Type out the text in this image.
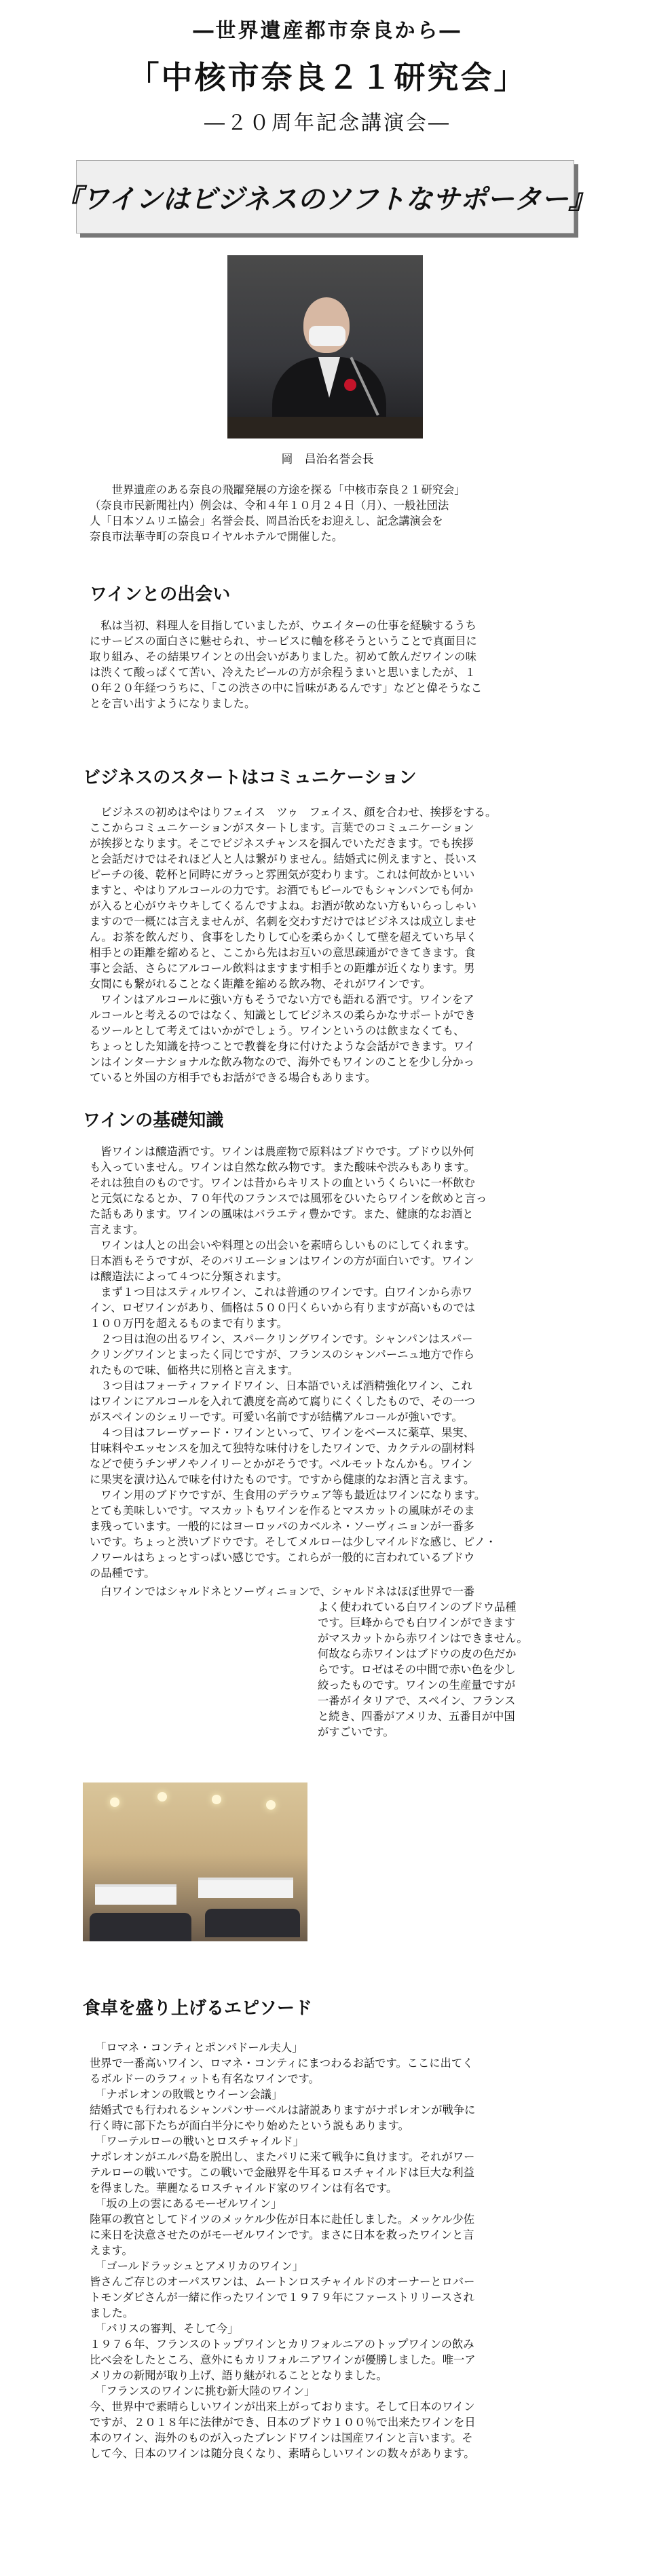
―世界遺産都市奈良から―

「中核市奈良２１研究会」

―２０周年記念講演会―

『ワインはビジネスのソフトなサポーター』
岡　昌治名誉会長
　　世界遺産のある奈良の飛躍発展の方途を探る「中核市奈良２１研究会」
（奈良市民新聞社内）例会は、令和４年１０月２４日（月）、一般社団法
人「日本ソムリエ協会」名誉会長、岡昌治氏をお迎えし、記念講演会を
奈良市法華寺町の奈良ロイヤルホテルで開催した。
ワインとの出会い
　私は当初、料理人を目指していましたが、ウエイターの仕事を経験するうち
にサービスの面白さに魅せられ、サービスに軸を移そうということで真面目に
取り組み、その結果ワインとの出会いがありました。初めて飲んだワインの味
は渋くて酸っぱくて苦い、冷えたビールの方が余程うまいと思いましたが、１
０年２０年経つうちに、「この渋さの中に旨味があるんです」などと偉そうなこ
とを言い出すようになりました。
ビジネスのスタートはコミュニケーション
　ビジネスの初めはやはりフェイス　ツゥ　フェイス、顔を合わせ、挨拶をする。
ここからコミュニケーションがスタートします。言葉でのコミュニケーション
が挨拶となります。そこでビジネスチャンスを掴んでいただきます。でも挨拶
と会話だけではそれほど人と人は繋がりません。結婚式に例えますと、長いス
ピーチの後、乾杯と同時にガラっと雰囲気が変わります。これは何故かといい
ますと、やはりアルコールの力です。お酒でもビールでもシャンパンでも何か
が入ると心がウキウキしてくるんですよね。お酒が飲めない方もいらっしゃい
ますので一概には言えませんが、名刺を交わすだけではビジネスは成立しませ
ん。お茶を飲んだり、食事をしたりして心を柔らかくして壁を超えていち早く
相手との距離を縮めると、ここから先はお互いの意思疎通ができてきます。食
事と会話、さらにアルコール飲料はますます相手との距離が近くなります。男
女間にも繋がれることなく距離を縮める飲み物、それがワインです。
　ワインはアルコールに強い方もそうでない方でも語れる酒です。ワインをア
ルコールと考えるのではなく、知識としてビジネスの柔らかなサポートができ
るツールとして考えてはいかがでしょう。ワインというのは飲まなくても、
ちょっとした知識を持つことで教養を身に付けたような会話ができます。ワイ
ンはインターナショナルな飲み物なので、海外でもワインのことを少し分かっ
ていると外国の方相手でもお話ができる場合もあります。
ワインの基礎知識
　皆ワインは醸造酒です。ワインは農産物で原料はブドウです。ブドウ以外何
も入っていません。ワインは自然な飲み物です。また酸味や渋みもあります。
それは独自のものです。ワインは昔からキリストの血というくらいに一杯飲む
と元気になるとか、７０年代のフランスでは風邪をひいたらワインを飲めと言っ
た話もあります。ワインの風味はバラエティ豊かです。また、健康的なお酒と
言えます。
　ワインは人との出会いや料理との出会いを素晴らしいものにしてくれます。
日本酒もそうですが、そのバリエーションはワインの方が面白いです。ワイン
は醸造法によって４つに分類されます。
　まず１つ目はスティルワイン、これは普通のワインです。白ワインから赤ワ
イン、ロゼワインがあり、価格は５００円くらいから有りますが高いものでは
１００万円を超えるものまで有ります。
　２つ目は泡の出るワイン、スパークリングワインです。シャンパンはスパー
クリングワインとまったく同じですが、フランスのシャンパーニュ地方で作ら
れたもので味、価格共に別格と言えます。
　３つ目はフォーティファイドワイン、日本語でいえば酒精強化ワイン、これ
はワインにアルコールを入れて濃度を高めて腐りにくくしたもので、その一つ
がスペインのシェリーです。可愛い名前ですが結構アルコールが強いです。
　４つ目はフレーヴァード・ワインといって、ワインをベースに薬草、果実、
甘味料やエッセンスを加えて独特な味付けをしたワインで、カクテルの副材料
などで使うチンザノやノイリーとかがそうです。ベルモットなんかも。ワイン
に果実を漬け込んで味を付けたものです。ですから健康的なお酒と言えます。
　ワイン用のブドウですが、生食用のデラウェア等も最近はワインになります。
とても美味しいです。マスカットもワインを作るとマスカットの風味がそのま
ま残っています。一般的にはヨーロッパのカベルネ・ソーヴィニョンが一番多
いです。ちょっと渋いブドウです。そしてメルローは少しマイルドな感じ、ピノ・
ノワールはちょっとすっぱい感じです。これらが一般的に言われているブドウ
の品種です。
　白ワインではシャルドネとソーヴィニョンで、シャルドネはほぼ世界で一番
よく使われている白ワインのブドウ品種
です。巨峰からでも白ワインができます
がマスカットから赤ワインはできません。
何故なら赤ワインはブドウの皮の色だか
らです。ロゼはその中間で赤い色を少し
絞ったものです。ワインの生産量ですが
一番がイタリアで、スペイン、フランス
と続き、四番がアメリカ、五番目が中国
がすごいです。
食卓を盛り上げるエピソード
　「ロマネ・コンティとポンパドール夫人」
世界で一番高いワイン、ロマネ・コンティにまつわるお話です。ここに出てく
るボルドーのラフィットも有名なワインです。
　「ナポレオンの敗戦とウイーン会議」
結婚式でも行われるシャンパンサーベルは諸説ありますがナポレオンが戦争に
行く時に部下たちが面白半分にやり始めたという説もあります。
　「ワーテルローの戦いとロスチャイルド」
ナポレオンがエルバ島を脱出し、またパリに来て戦争に負けます。それがワー
テルローの戦いです。この戦いで金融界を牛耳るロスチャイルドは巨大な利益
を得ました。華麗なるロスチャイルド家のワインは有名です。
　「坂の上の雲にあるモーゼルワイン」
陸軍の教官としてドイツのメッケル少佐が日本に赴任しました。メッケル少佐
に来日を決意させたのがモーゼルワインです。まさに日本を救ったワインと言
えます。
　「ゴールドラッシュとアメリカのワイン」
皆さんご存じのオーパスワンは、ムートンロスチャイルドのオーナーとロバー
トモンダビさんが一緒に作ったワインで１９７９年にファーストリリースされ
ました。
　「パリスの審判、そして今」
１９７６年、フランスのトップワインとカリフォルニアのトップワインの飲み
比べ会をしたところ、意外にもカリフォルニアワインが優勝しました。唯一ア
メリカの新聞が取り上げ、語り継がれることとなりました。
　「フランスのワインに挑む新大陸のワイン」
今、世界中で素晴らしいワインが出来上がっております。そして日本のワイン
ですが、２０１８年に法律ができ、日本のブドウ１００％で出来たワインを日
本のワイン、海外のものが入ったブレンドワインは国産ワインと言います。そ
して今、日本のワインは随分良くなり、素晴らしいワインの数々があります。
